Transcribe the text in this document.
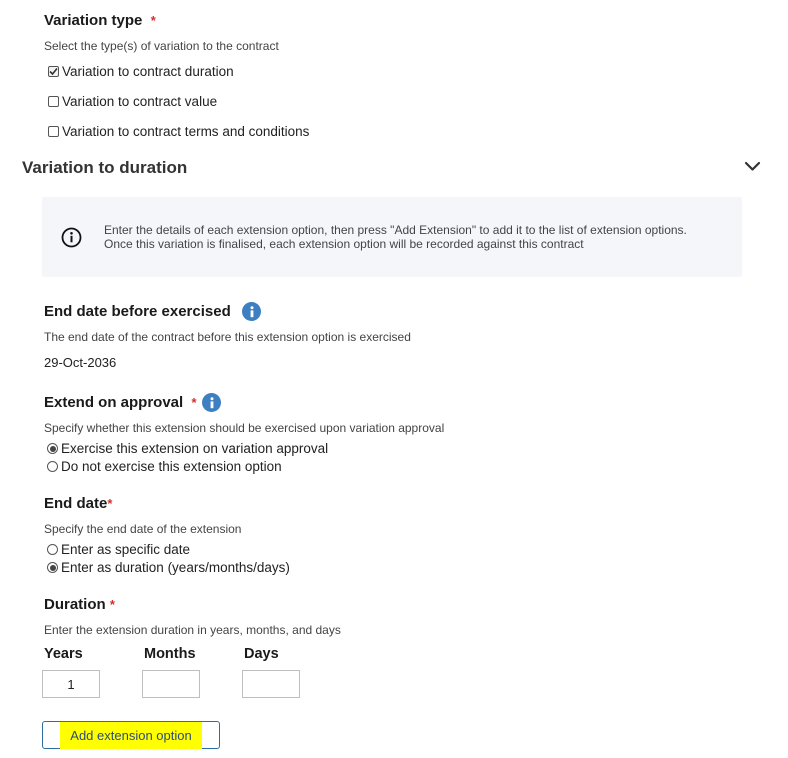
Variation type *
Select the type(s) of variation to the contract
Variation to contract duration
Variation to contract value
Variation to contract terms and conditions
Variation to duration
Enter the details of each extension option, then press "Add Extension" to add it to the list of extension options.
Once this variation is finalised, each extension option will be recorded against this contract
End date before exercised
The end date of the contract before this extension option is exercised
29-Oct-2036
Extend on approval *
Specify whether this extension should be exercised upon variation approval
Exercise this extension on variation approval
Do not exercise this extension option
End date*
Specify the end date of the extension
Enter as specific date
Enter as duration (years/months/days)
Duration *
Enter the extension duration in years, months, and days
Years	Months	Days
1
Add extension option
